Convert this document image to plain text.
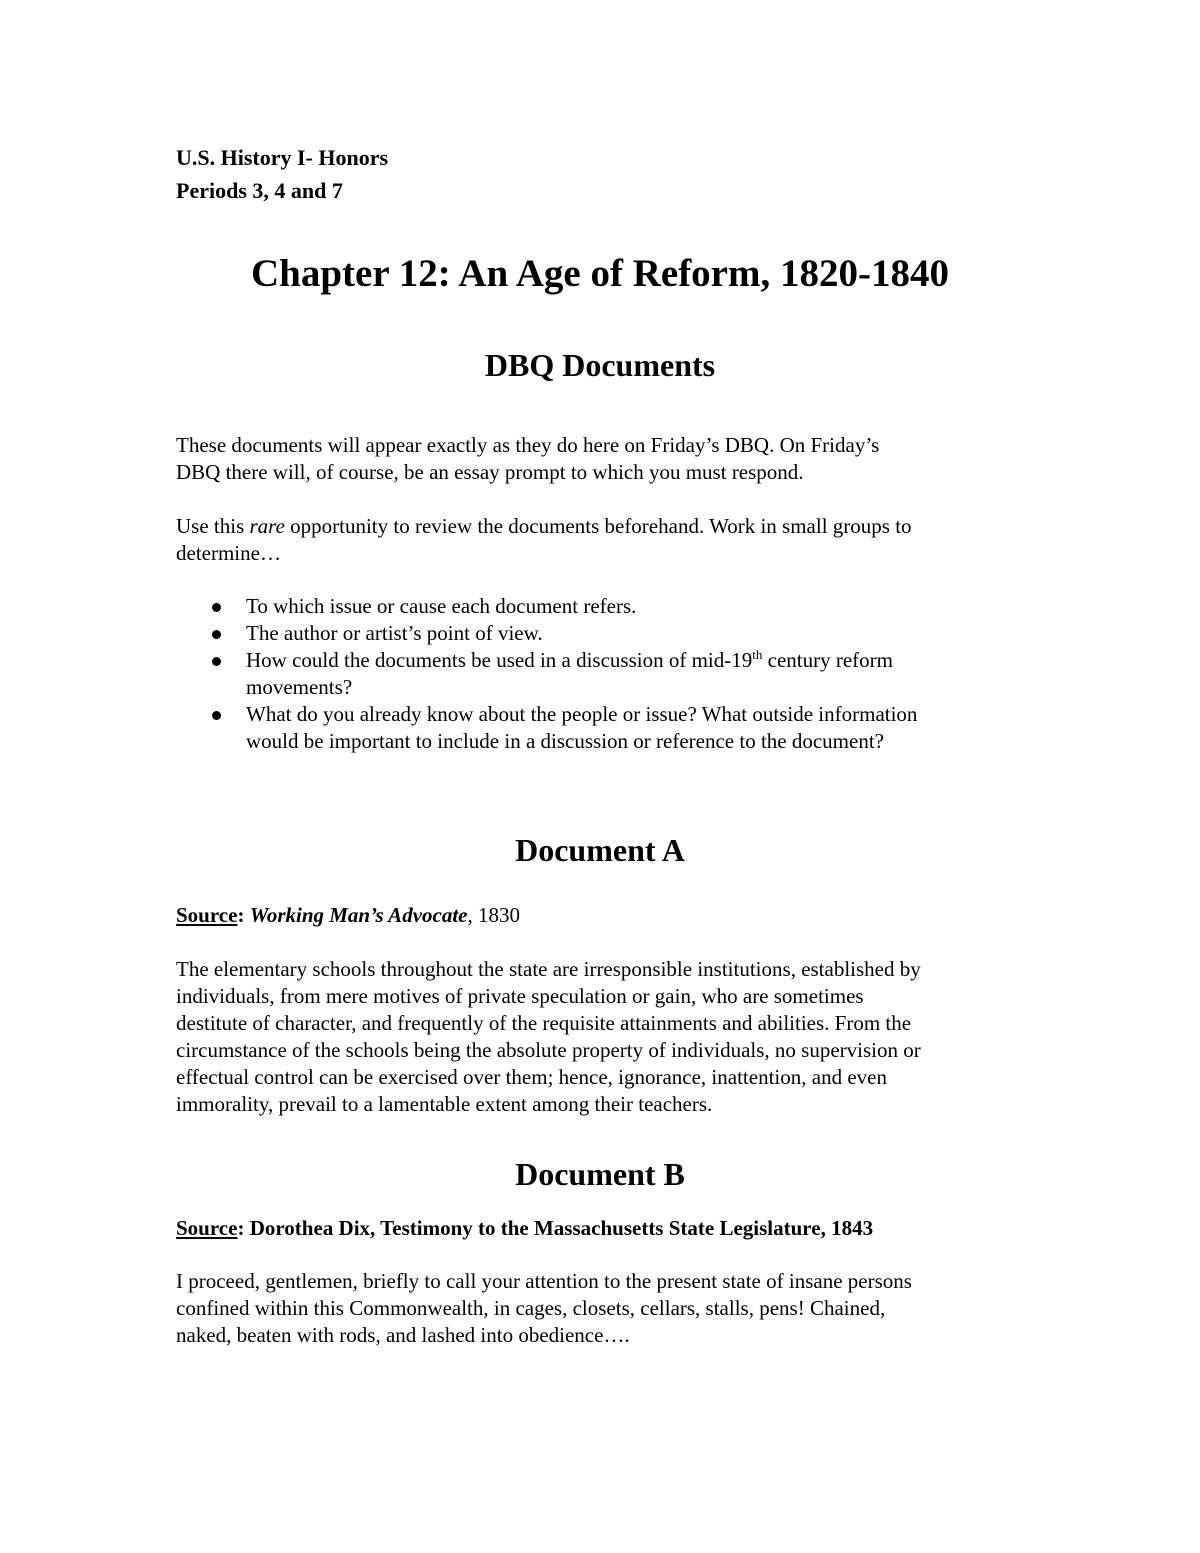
U.S. History I- Honors
Periods 3, 4 and 7
Chapter 12: An Age of Reform, 1820-1840
DBQ Documents
These documents will appear exactly as they do here on Friday’s DBQ. On Friday’s
DBQ there will, of course, be an essay prompt to which you must respond.
Use this rare opportunity to review the documents beforehand. Work in small groups to
determine…
To which issue or cause each document refers.
The author or artist’s point of view.
How could the documents be used in a discussion of mid-19th century reform
movements?
What do you already know about the people or issue? What outside information
would be important to include in a discussion or reference to the document?
Document A
Source: Working Man’s Advocate, 1830
The elementary schools throughout the state are irresponsible institutions, established by
individuals, from mere motives of private speculation or gain, who are sometimes
destitute of character, and frequently of the requisite attainments and abilities. From the
circumstance of the schools being the absolute property of individuals, no supervision or
effectual control can be exercised over them; hence, ignorance, inattention, and even
immorality, prevail to a lamentable extent among their teachers.
Document B
Source: Dorothea Dix, Testimony to the Massachusetts State Legislature, 1843
I proceed, gentlemen, briefly to call your attention to the present state of insane persons
confined within this Commonwealth, in cages, closets, cellars, stalls, pens! Chained,
naked, beaten with rods, and lashed into obedience….
